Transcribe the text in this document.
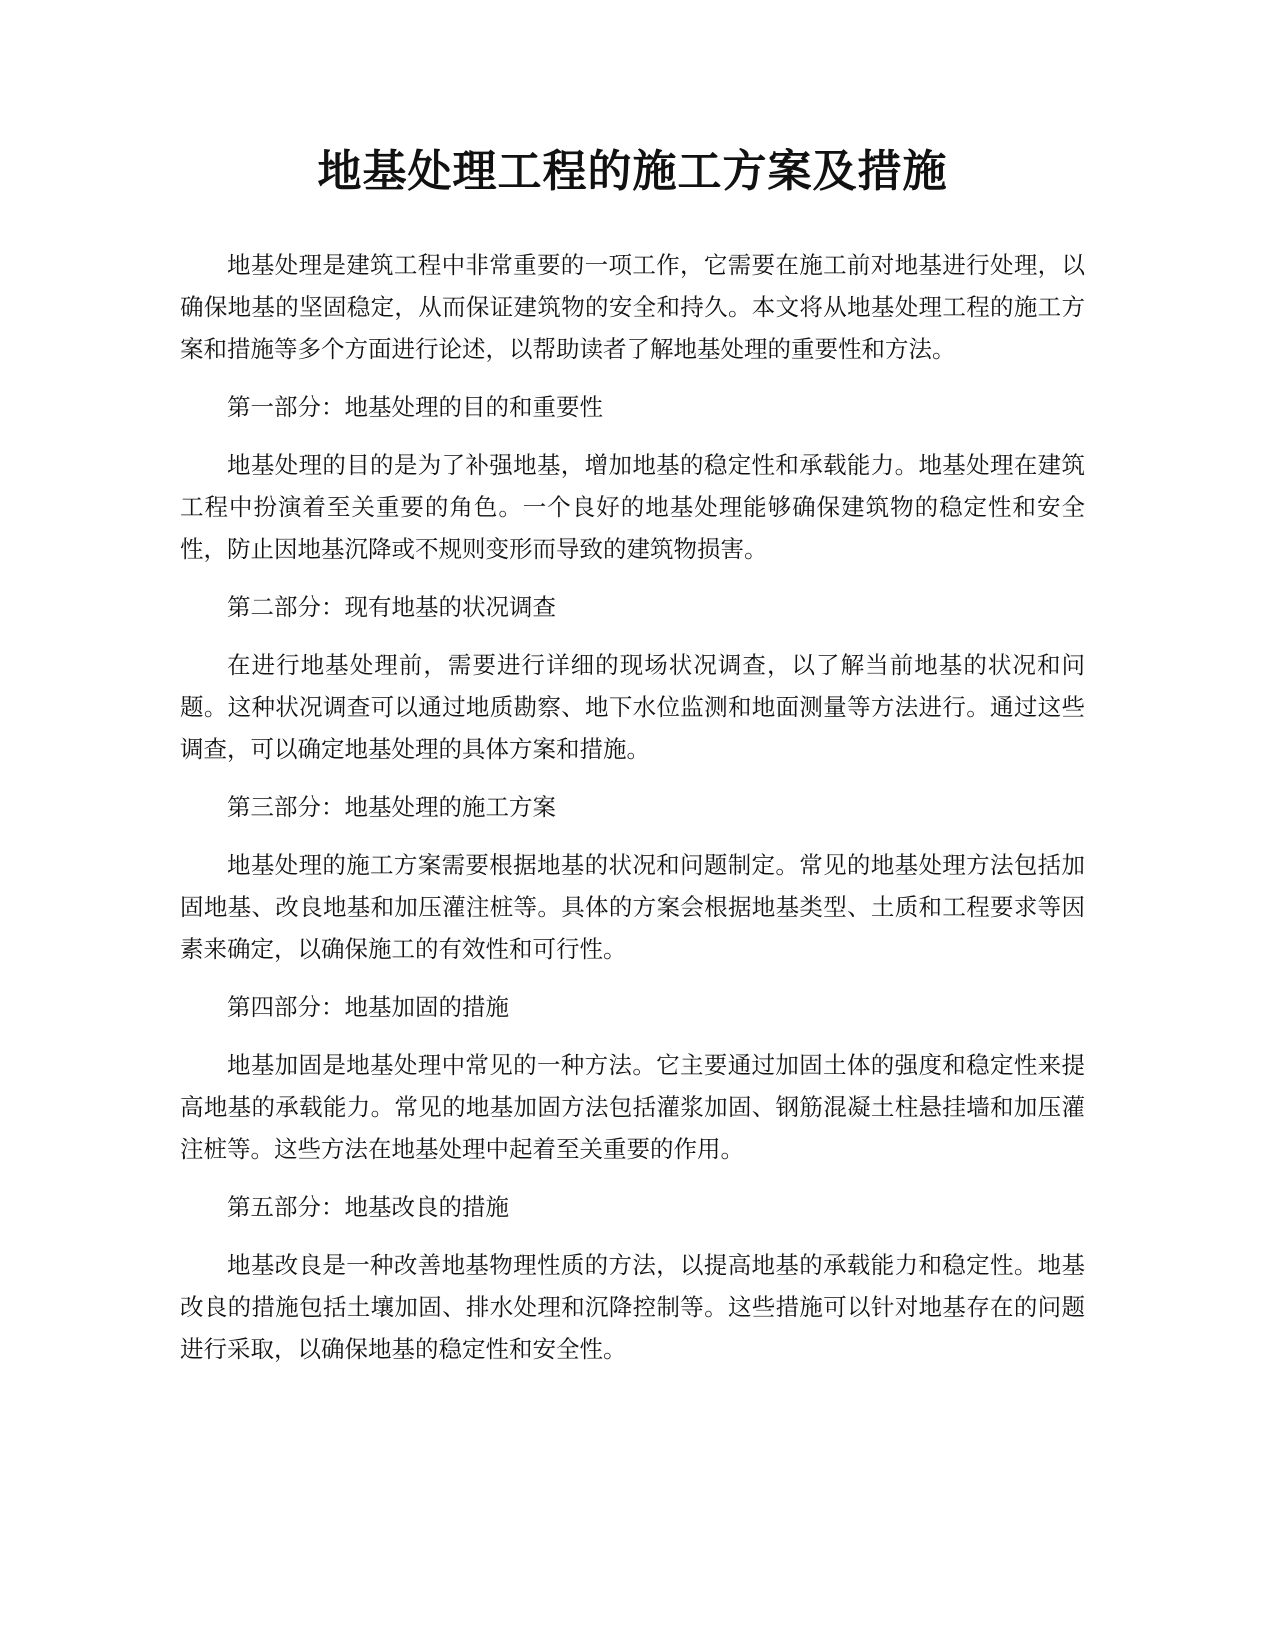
地基处理工程的施工方案及措施

地基处理是建筑工程中非常重要的一项工作，它需要在施工前对地基进行处理，以确保地基的坚固稳定，从而保证建筑物的安全和持久。本文将从地基处理工程的施工方案和措施等多个方面进行论述，以帮助读者了解地基处理的重要性和方法。

第一部分：地基处理的目的和重要性

地基处理的目的是为了补强地基，增加地基的稳定性和承载能力。地基处理在建筑工程中扮演着至关重要的角色。一个良好的地基处理能够确保建筑物的稳定性和安全性，防止因地基沉降或不规则变形而导致的建筑物损害。

第二部分：现有地基的状况调查

在进行地基处理前，需要进行详细的现场状况调查，以了解当前地基的状况和问题。这种状况调查可以通过地质勘察、地下水位监测和地面测量等方法进行。通过这些调查，可以确定地基处理的具体方案和措施。

第三部分：地基处理的施工方案

地基处理的施工方案需要根据地基的状况和问题制定。常见的地基处理方法包括加固地基、改良地基和加压灌注桩等。具体的方案会根据地基类型、土质和工程要求等因素来确定，以确保施工的有效性和可行性。

第四部分：地基加固的措施

地基加固是地基处理中常见的一种方法。它主要通过加固土体的强度和稳定性来提高地基的承载能力。常见的地基加固方法包括灌浆加固、钢筋混凝土柱悬挂墙和加压灌注桩等。这些方法在地基处理中起着至关重要的作用。

第五部分：地基改良的措施

地基改良是一种改善地基物理性质的方法，以提高地基的承载能力和稳定性。地基改良的措施包括土壤加固、排水处理和沉降控制等。这些措施可以针对地基存在的问题进行采取，以确保地基的稳定性和安全性。
